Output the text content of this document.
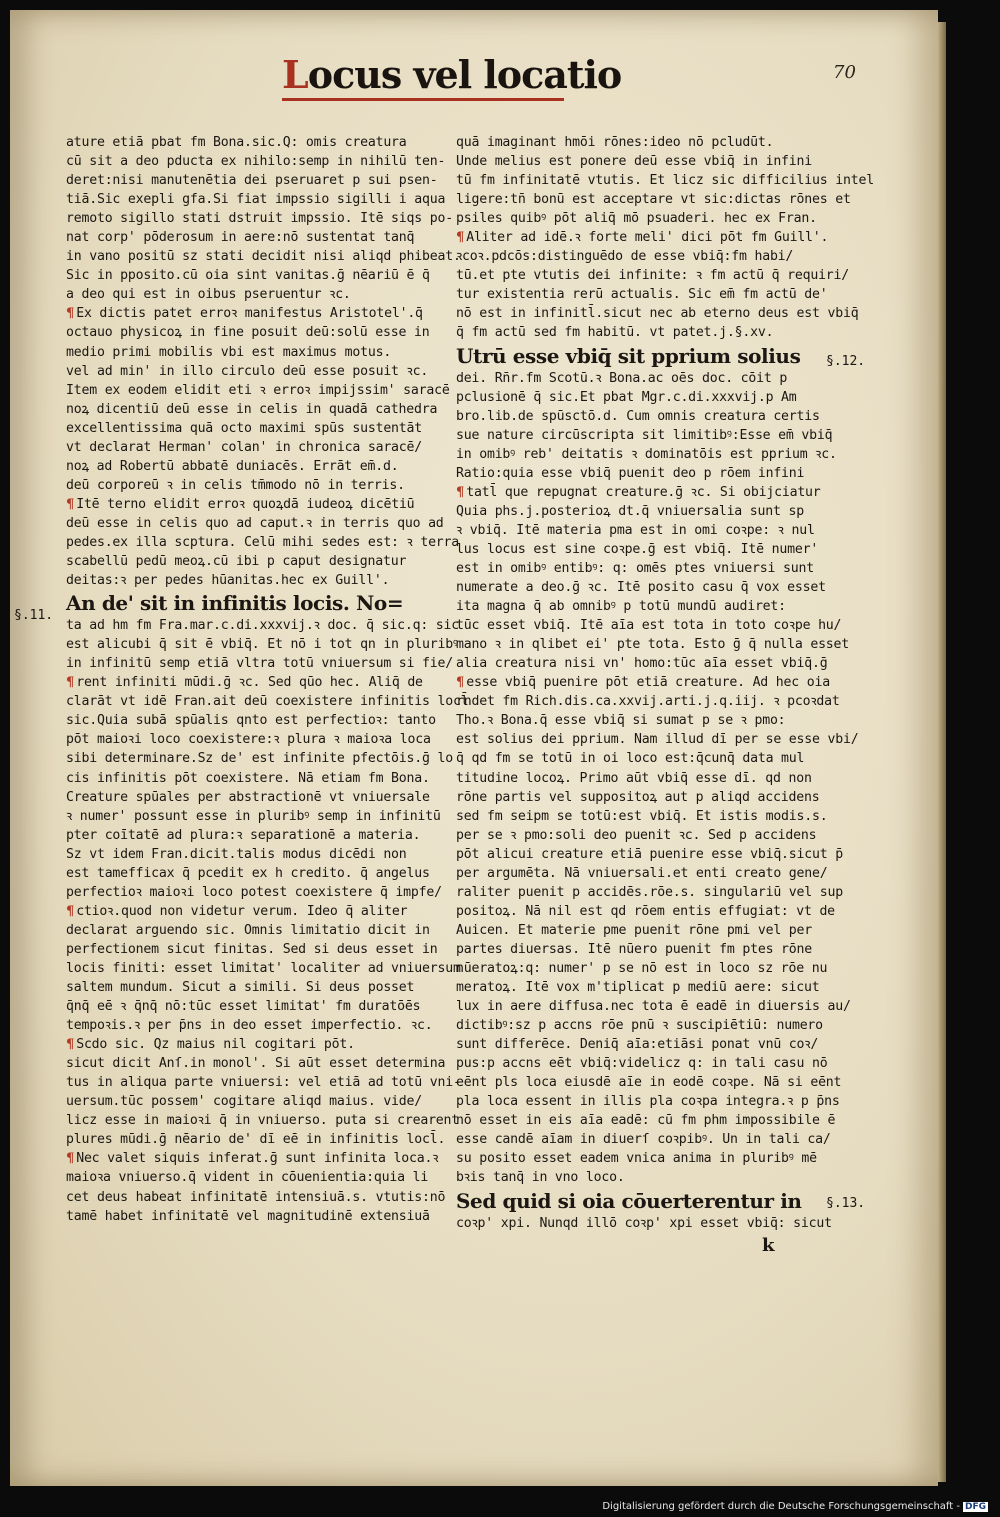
Locus vel locatio	70
ature etiā pbat fm Bona.sic.Q: omis creatura
cū sit a deo pducta ex nihilo:semp in nihilū ten-
deret:nisi manutenētia dei pseruaret p sui psen-
tiā.Sic exepli gfa.Si fiat impssio sigilli i aqua
remoto sigillo stati dstruit impssio. Itē siqs po-
nat corp' pōderosum in aere:nō sustentat tanq̄
in vano positū sz stati decidit nisi aliqd phibeat.
Sic in pposito.cū oia sint vanitas.ḡ nēariū ē q̄
a deo qui est in oibus pseruentur ꝛc.
¶ Ex dictis patet erroꝛ manifestus Aristotel'.q̄
octauo physicoꝝ in fine posuit deū:solū esse in
medio primi mobilis vbi est maximus motus.
vel ad min' in illo circulo deū esse posuit ꝛc.
Item ex eodem elidit eti ꝛ erroꝛ impijssim' saracē
noꝝ dicentiū deū esse in celis in quadā cathedra
excellentissima quā octo maximi spūs sustentāt
vt declarat Herman' colan' in chronica saracē/
noꝝ ad Robertū abbatē duniacēs. Errāt em̄.d.
deū corporeū ꝛ in celis tm̄modo nō in terris.
¶ Itē terno elidit erroꝛ quoꝝdā iudeoꝝ dicētiū
deū esse in celis quo ad caput.ꝛ in terris quo ad
pedes.ex illa scptura. Celū mihi sedes est: ꝛ terra
scabellū pedū meoꝝ.cū ibi p caput designatur
deitas:ꝛ per pedes hūanitas.hec ex Guill'.
An de' sit in infinitis locis. No=
ta ad hm fm Fra.mar.c.di.xxxvij.ꝛ doc. q̄ sic.q: sic
est alicubi q̄ sit ē vbiq̄. Et nō i tot qn in pluribꝰ
in infinitū semp etiā vltra totū vniuersum si fie/
¶ rent infiniti mūdi.ḡ ꝛc. Sed qūo hec. Aliq̄ de
clarāt vt idē Fran.ait deū coexistere infinitis locl̄
sic.Quia subā spūalis qnto est perfectioꝛ: tanto
pōt maioꝛi loco coexistere:ꝛ plura ꝛ maioꝛa loca
sibi determinare.Sz de' est infinite pfectōis.ḡ lo
cis infinitis pōt coexistere. Nā etiam fm Bona.
Creature spūales per abstractionē vt vniuersale
ꝛ numer' possunt esse in pluribꝰ semp in infinitū
pter coītatē ad plura:ꝛ separationē a materia.
Sz vt idem Fran.dicit.talis modus dicēdi non
est tamefficax q̄ pcedit ex h credito. q̄ angelus
perfectioꝛ maioꝛi loco potest coexistere q̄ impfe/
¶ ctioꝛ.quod non videtur verum. Ideo q̄ aliter
declarat arguendo sic. Omnis limitatio dicit in
perfectionem sicut finitas. Sed si deus esset in
locis finiti: esset limitat' localiter ad vniuersum
saltem mundum. Sicut a simili. Si deus posset
q̄nq̄ eē ꝛ q̄nq̄ nō:tūc esset limitat' fm duratōēs
tempoꝛis.ꝛ per p̄ns in deo esset imperfectio. ꝛc.
¶ Scdo sic. Qz maius nil cogitari pōt.
sicut dicit Anſ.in monol'. Si aūt esset determina
tus in aliqua parte vniuersi: vel etiā ad totū vni-
uersum.tūc possem' cogitare aliqd maius. vide/
licz esse in maioꝛi q̄ in vniuerso. puta si crearent
plures mūdi.ḡ nēario de' dī eē in infinitis locl̄.
¶ Nec valet siquis inferat.ḡ sunt infinita loca.ꝛ
maioꝛa vniuerso.q̄ vident in cōuenientia:quia li
cet deus habeat infinitatē intensiuā.s. vtutis:nō
tamē habet infinitatē vel magnitudinē extensiuā
quā imaginant hmōi rōnes:ideo nō pcludūt.
Unde melius est ponere deū esse vbiq̄ in infini
tū fm infinitatē vtutis. Et licz sic difficilius intel
ligere:tn̄ bonū est acceptare vt sic:dictas rōnes et
psiles quibꝰ pōt aliq̄ mō psuaderi. hec ex Fran.
¶ Aliter ad idē.ꝛ forte meli' dici pōt fm Guill'.
ꝛcoꝛ.pdcōs:distinguēdo de esse vbiq̄:fm habi/
tū.et pte vtutis dei infinite: ꝛ fm actū q̄ requiri/
tur existentia rerū actualis. Sic em̄ fm actū de'
nō est in infinitl̄.sicut nec ab eterno deus est vbiq̄
q̄ fm actū sed fm habitū. vt patet.j.§.xv.
Utrū esse vbiq̄ sit pprium solius
dei. Rn̄r.fm Scotū.ꝛ Bona.ac oēs doc. cōit p
pclusionē q̄ sic.Et pbat Mgr.c.di.xxxvij.p Am
bro.lib.de spūsctō.d. Cum omnis creatura certis
sue nature circūscripta sit limitibꝰ:Esse em̄ vbiq̄
in omibꝰ reb' deitatis ꝛ dominatōis est pprium ꝛc.
Ratio:quia esse vbiq̄ puenit deo p rōem infini
¶ tatl̄ que repugnat creature.ḡ ꝛc. Si obijciatur
Quia phs.j.posterioꝝ dt.q̄ vniuersalia sunt sp
ꝛ vbiq̄. Itē materia pma est in omi coꝛpe: ꝛ nul
lus locus est sine coꝛpe.ḡ est vbiq̄. Itē numer'
est in omibꝰ entibꝰ: q: omēs ptes vniuersi sunt
numerate a deo.ḡ ꝛc. Itē posito casu q̄ vox esset
ita magna q̄ ab omnibꝰ p totū mundū audiret:
tūc esset vbiq̄. Itē aīa est tota in toto coꝛpe hu/
mano ꝛ in qlibet ei' pte tota. Esto ḡ q̄ nulla esset
alia creatura nisi vn' homo:tūc aīa esset vbiq̄.ḡ
¶ esse vbiq̄ puenire pōt etiā creature. Ad hec oia
rndet fm Rich.dis.ca.xxvij.arti.j.q.iij. ꝛ pcoꝛdat
Tho.ꝛ Bona.q̄ esse vbiq̄ si sumat p se ꝛ pmo:
est solius dei pprium. Nam illud dī per se esse vbi/
q̄ qd fm se totū in oi loco est:q̄cunq̄ data mul
titudine locoꝝ. Primo aūt vbiq̄ esse dī. qd non
rōne partis vel suppositoꝝ aut p aliqd accidens
sed fm seipm se totū:est vbiq̄. Et istis modis.s.
per se ꝛ pmo:soli deo puenit ꝛc. Sed p accidens
pōt alicui creature etiā puenire esse vbiq̄.sicut p̄
per argumēta. Nā vniuersali.et enti creato gene/
raliter puenit p accidēs.rōe.s. singulariū vel sup
positoꝝ. Nā nil est qd rōem entis effugiat: vt de
Auicen. Et materie pme puenit rōne pmi vel per
partes diuersas. Itē nūero puenit fm ptes rōne
nūeratoꝝ:q: numer' p se nō est in loco sz rōe nu
meratoꝝ. Itē vox m'tiplicat p mediū aere: sicut
lux in aere diffusa.nec tota ē eadē in diuersis au/
dictibꝰ:sz p accns rōe pnū ꝛ suscipiētiū: numero
sunt differēce. Deniq̄ aīa:etiāsi ponat vnū coꝛ/
pus:p accns eēt vbiq̄:videlicz q: in tali casu nō
eēnt pls loca eiusdē aīe in eodē coꝛpe. Nā si eēnt
pla loca essent in illis pla coꝛpa integra.ꝛ p p̄ns
nō esset in eis aīa eadē: cū fm phm impossibile ē
esse candē aīam in diuerſ coꝛpibꝰ. Un in tali ca/
su posito esset eadem vnica anima in pluribꝰ mē
bꝛis tanq̄ in vno loco.
Sed quid si oia cōuerterentur in
coꝛp' xpi. Nunqd illō coꝛp' xpi esset vbiq̄: sicut
§.11.
§.12.
§.13.
k
Digitalisierung gefördert durch die Deutsche Forschungsgemeinschaft - DFG
